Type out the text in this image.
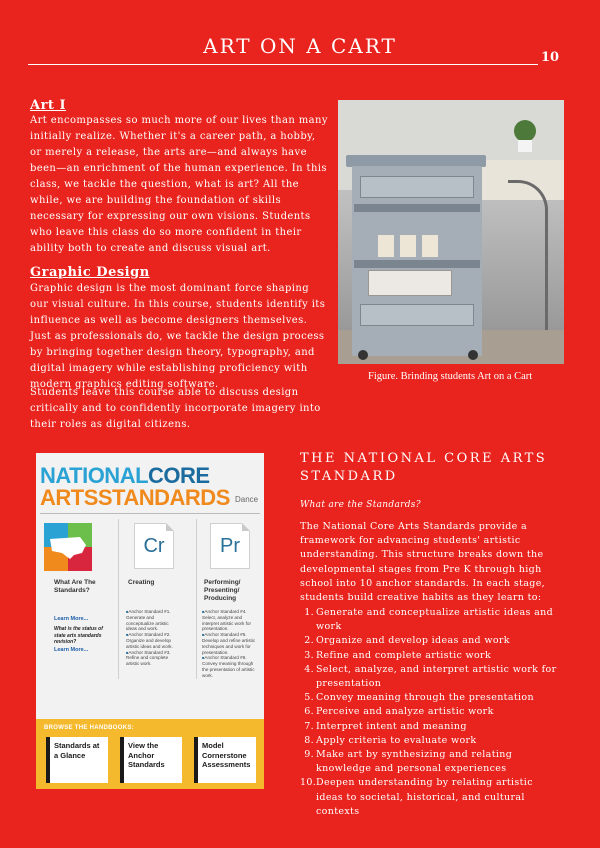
ART ON A CART	10
Art I
Art encompasses so much more of our lives than many initially realize. Whether it's a career path, a hobby, or merely a release, the arts are—and always have been—an enrichment of the human experience. In this class, we tackle the question, what is art? All the while, we are building the foundation of skills necessary for expressing our own visions. Students who leave this class do so more confident in their ability both to create and discuss visual art.
Graphic Design
Graphic design is the most dominant force shaping our visual culture. In this course, students identify its influence as well as become designers themselves. Just as professionals do, we tackle the design process by bringing together design theory, typography, and digital imagery while establishing proficiency with modern graphics editing software.
Students leave this course able to discuss design critically and to confidently incorporate imagery into their roles as digital citizens.
Figure. Brinding students Art on a Cart
NATIONALCORE
ARTSSTANDARDS Dance
Cr	Pr
What Are The Standards?
Creating	Performing/ Presenting/ Producing
Learn More...
What is the status of state arts standards revision?
Learn More...
■ Anchor Standard #1. Generate and conceptualize artistic ideas and work.
■ Anchor Standard #2. Organize and develop artistic ideas and work.
■ Anchor Standard #3. Refine and complete artistic work.
■ Anchor Standard #4. Select, analyze and interpret artistic work for presentation.
■ Anchor Standard #5. Develop and refine artistic techniques and work for presentation.
■ Anchor Standard #6. Convey meaning through the presentation of artistic work.
BROWSE THE HANDBOOKS:
Standards at a Glance
View the Anchor Standards
Model Cornerstone Assessments
THE NATIONAL CORE ARTS STANDARD
What are the Standards?
The National Core Arts Standards provide a framework for advancing students' artistic understanding. This structure breaks down the developmental stages from Pre K through high school into 10 anchor standards. In each stage, students build creative habits as they learn to:
1. Generate and conceptualize artistic ideas and work
2. Organize and develop ideas and work
3. Refine and complete artistic work
4. Select, analyze, and interpret artistic work for presentation
5. Convey meaning through the presentation
6. Perceive and analyze artistic work
7. Interpret intent and meaning
8. Apply criteria to evaluate work
9. Make art by synthesizing and relating knowledge and personal experiences
10. Deepen understanding by relating artistic ideas to societal, historical, and cultural contexts
